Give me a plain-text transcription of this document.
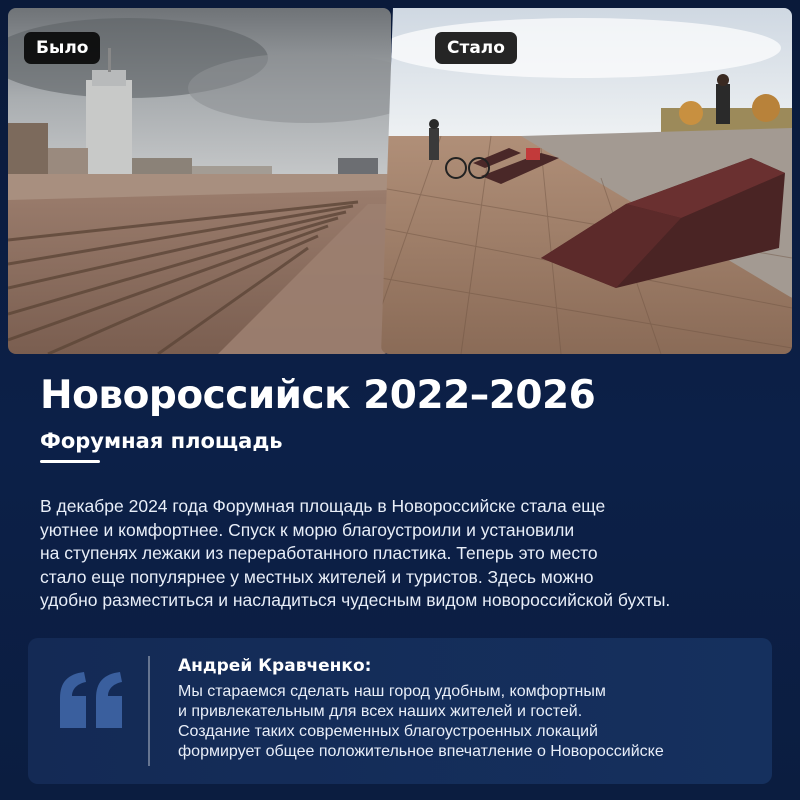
Было	Стало
Новороссийск 2022–2026
Форумная площадь
В декабре 2024 года Форумная площадь в Новороссийске стала еще
уютнее и комфортнее. Спуск к морю благоустроили и установили
на ступенях лежаки из переработанного пластика. Теперь это место
стало еще популярнее у местных жителей и туристов. Здесь можно
удобно разместиться и насладиться чудесным видом новороссийской бухты.
Андрей Кравченко:
Мы стараемся сделать наш город удобным, комфортным
и привлекательным для всех наших жителей и гостей.
Создание таких современных благоустроенных локаций
формирует общее положительное впечатление о Новороссийске
